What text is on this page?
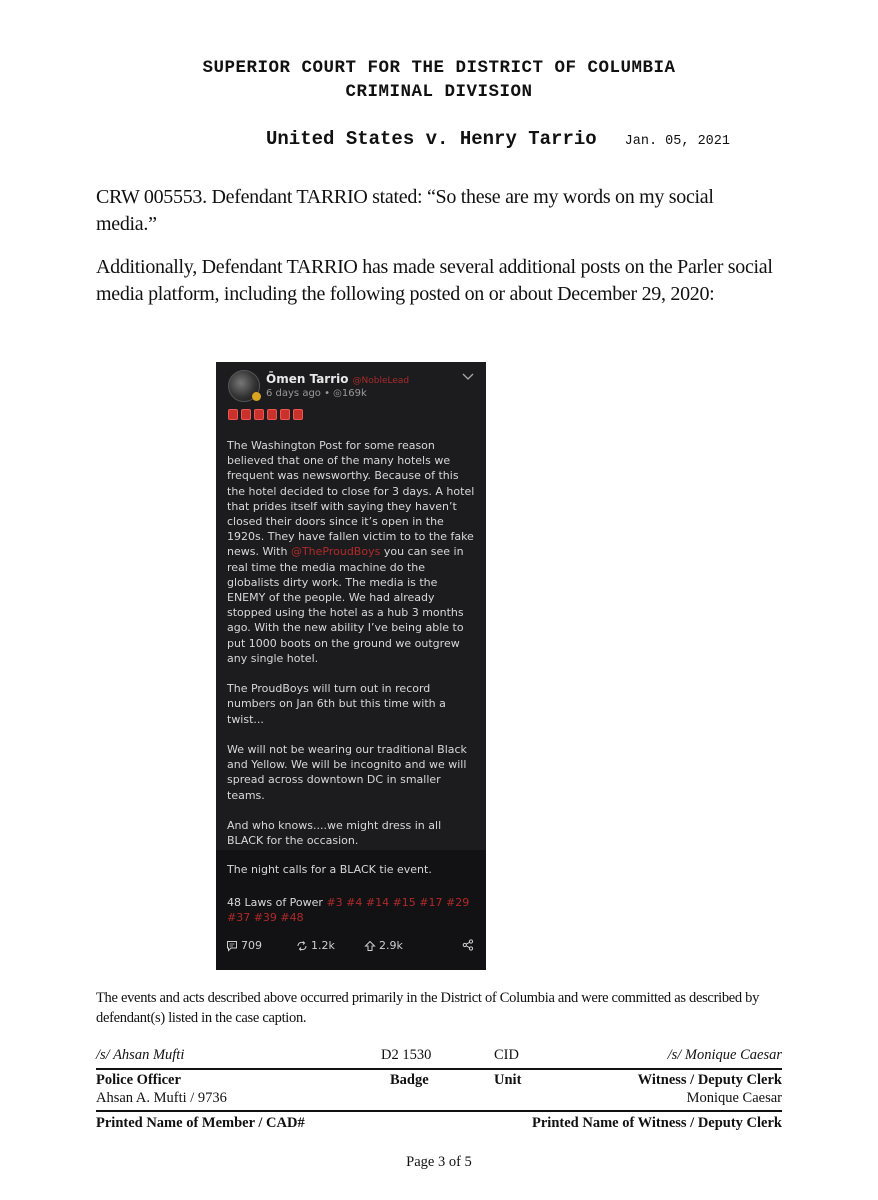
SUPERIOR COURT FOR THE DISTRICT OF COLUMBIA
CRIMINAL DIVISION
United States v. Henry Tarrio Jan. 05, 2021
CRW 005553. Defendant TARRIO stated: “So these are my words on my social media.”
Additionally, Defendant TARRIO has made several additional posts on the Parler social media platform, including the following posted on or about December 29, 2020:
Ōmen Tarrio @NobleLead
6 days ago • ◎169k

The Washington Post for some reason believed that one of the many hotels we frequent was newsworthy. Because of this the hotel decided to close for 3 days. A hotel that prides itself with saying they haven’t closed their doors since it’s open in the 1920s. They have fallen victim to to the fake news. With @TheProudBoys you can see in real time the media machine do the globalists dirty work. The media is the ENEMY of the people. We had already stopped using the hotel as a hub 3 months ago. With the new ability I’ve being able to put 1000 boots on the ground we outgrew any single hotel.

The ProudBoys will turn out in record numbers on Jan 6th but this time with a twist...

We will not be wearing our traditional Black and Yellow. We will be incognito and we will spread across downtown DC in smaller teams.

And who knows....we might dress in all BLACK for the occasion.

The night calls for a BLACK tie event.
48 Laws of Power #3 #4 #14 #15 #17 #29 #37 #39 #48
709	1.2k	2.9k
The events and acts described above occurred primarily in the District of Columbia and were committed as described by defendant(s) listed in the case caption.
/s/ Ahsan Mufti	D2 1530	CID	/s/ Monique Caesar
Police Officer	Badge	Unit	Witness / Deputy Clerk
Ahsan A. Mufti / 9736	Monique Caesar
Printed Name of Member / CAD#	Printed Name of Witness / Deputy Clerk
Page 3 of 5
